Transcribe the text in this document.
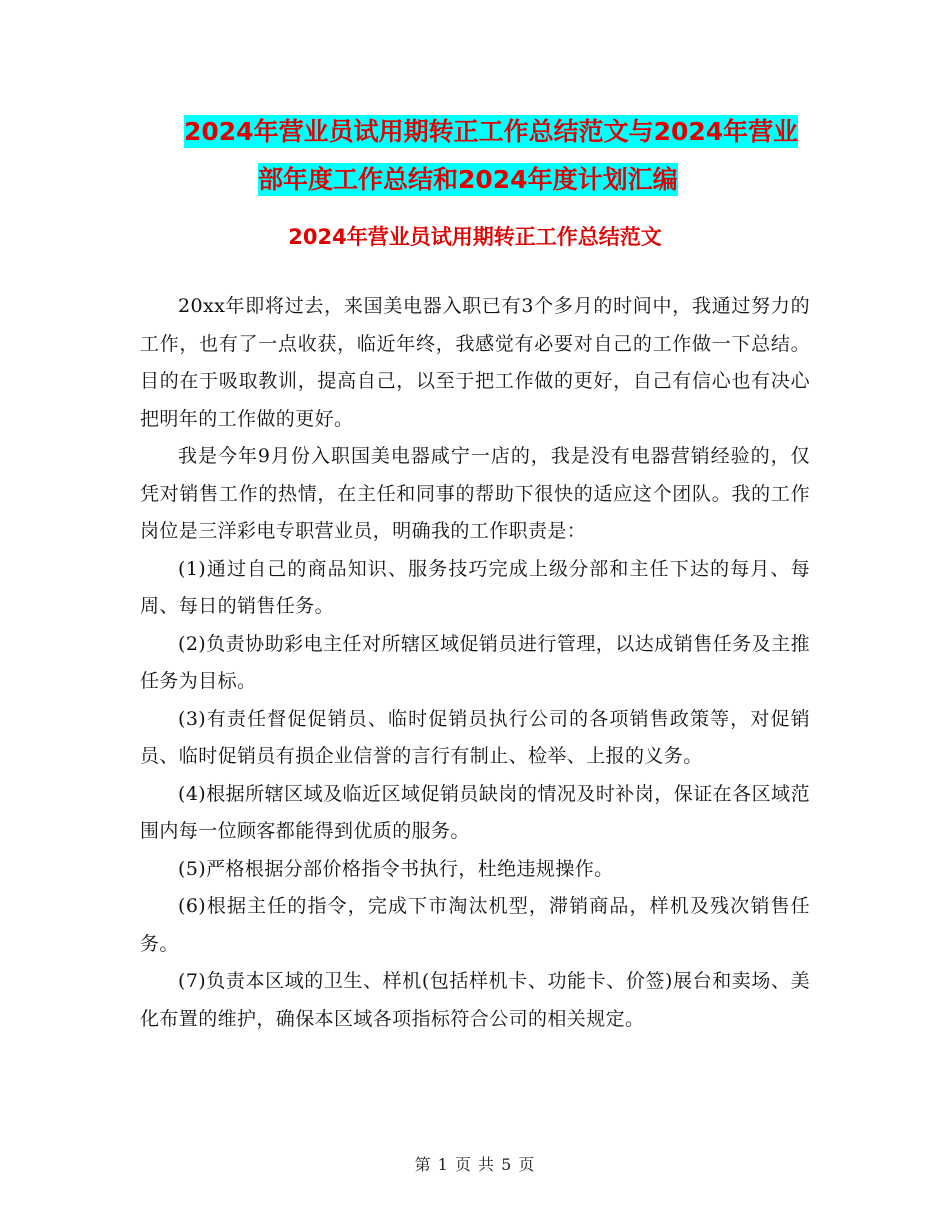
2024年营业员试用期转正工作总结范文与2024年营业
部年度工作总结和2024年度计划汇编
2024年营业员试用期转正工作总结范文

20xx年即将过去，来国美电器入职已有3个多月的时间中，我通过努力的工作，也有了一点收获，临近年终，我感觉有必要对自己的工作做一下总结。目的在于吸取教训，提高自己，以至于把工作做的更好，自己有信心也有决心把明年的工作做的更好。

我是今年9月份入职国美电器咸宁一店的，我是没有电器营销经验的，仅凭对销售工作的热情，在主任和同事的帮助下很快的适应这个团队。我的工作岗位是三洋彩电专职营业员，明确我的工作职责是：

(1)通过自己的商品知识、服务技巧完成上级分部和主任下达的每月、每周、每日的销售任务。

(2)负责协助彩电主任对所辖区域促销员进行管理，以达成销售任务及主推任务为目标。

(3)有责任督促促销员、临时促销员执行公司的各项销售政策等，对促销员、临时促销员有损企业信誉的言行有制止、检举、上报的义务。

(4)根据所辖区域及临近区域促销员缺岗的情况及时补岗，保证在各区域范围内每一位顾客都能得到优质的服务。

(5)严格根据分部价格指令书执行，杜绝违规操作。

(6)根据主任的指令，完成下市淘汰机型，滞销商品，样机及残次销售任务。

(7)负责本区域的卫生、样机(包括样机卡、功能卡、价签)展台和卖场、美化布置的维护，确保本区域各项指标符合公司的相关规定。

第 1 页 共 5 页
